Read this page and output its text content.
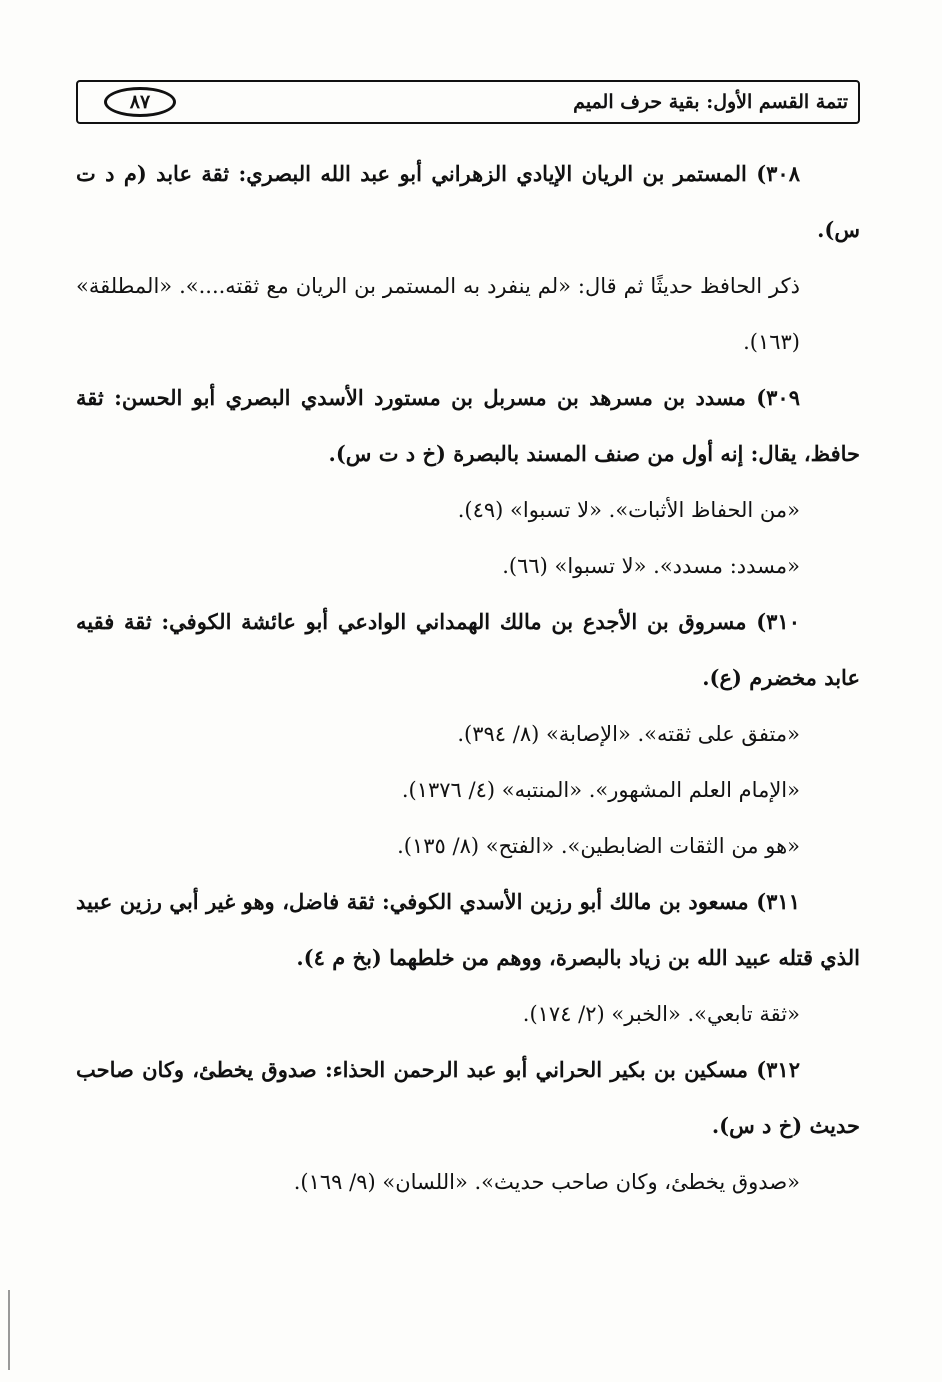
تتمة القسم الأول: بقية حرف الميم
٨٧

٣٠٨) المستمر بن الريان الإيادي الزهراني أبو عبد الله البصري: ثقة عابد (م د ت س).

ذكر الحافظ حديثًا ثم قال: «لم ينفرد به المستمر بن الريان مع ثقته....». «المطلقة» (١٦٣).

٣٠٩) مسدد بن مسرهد بن مسربل بن مستورد الأسدي البصري أبو الحسن: ثقة حافظ، يقال: إنه أول من صنف المسند بالبصرة (خ د ت س).

«من الحفاظ الأثبات». «لا تسبوا» (٤٩).

«مسدد: مسدد». «لا تسبوا» (٦٦).

٣١٠) مسروق بن الأجدع بن مالك الهمداني الوادعي أبو عائشة الكوفي: ثقة فقيه عابد مخضرم (ع).

«متفق على ثقته». «الإصابة» (٨/ ٣٩٤).

«الإمام العلم المشهور». «المنتبه» (٤/ ١٣٧٦).

«هو من الثقات الضابطين». «الفتح» (٨/ ١٣٥).

٣١١) مسعود بن مالك أبو رزين الأسدي الكوفي: ثقة فاضل، وهو غير أبي رزين عبيد الذي قتله عبيد الله بن زياد بالبصرة، ووهم من خلطهما (بخ م ٤).

«ثقة تابعي». «الخبر» (٢/ ١٧٤).

٣١٢) مسكين بن بكير الحراني أبو عبد الرحمن الحذاء: صدوق يخطئ، وكان صاحب حديث (خ د س).

«صدوق يخطئ، وكان صاحب حديث». «اللسان» (٩/ ١٦٩).
